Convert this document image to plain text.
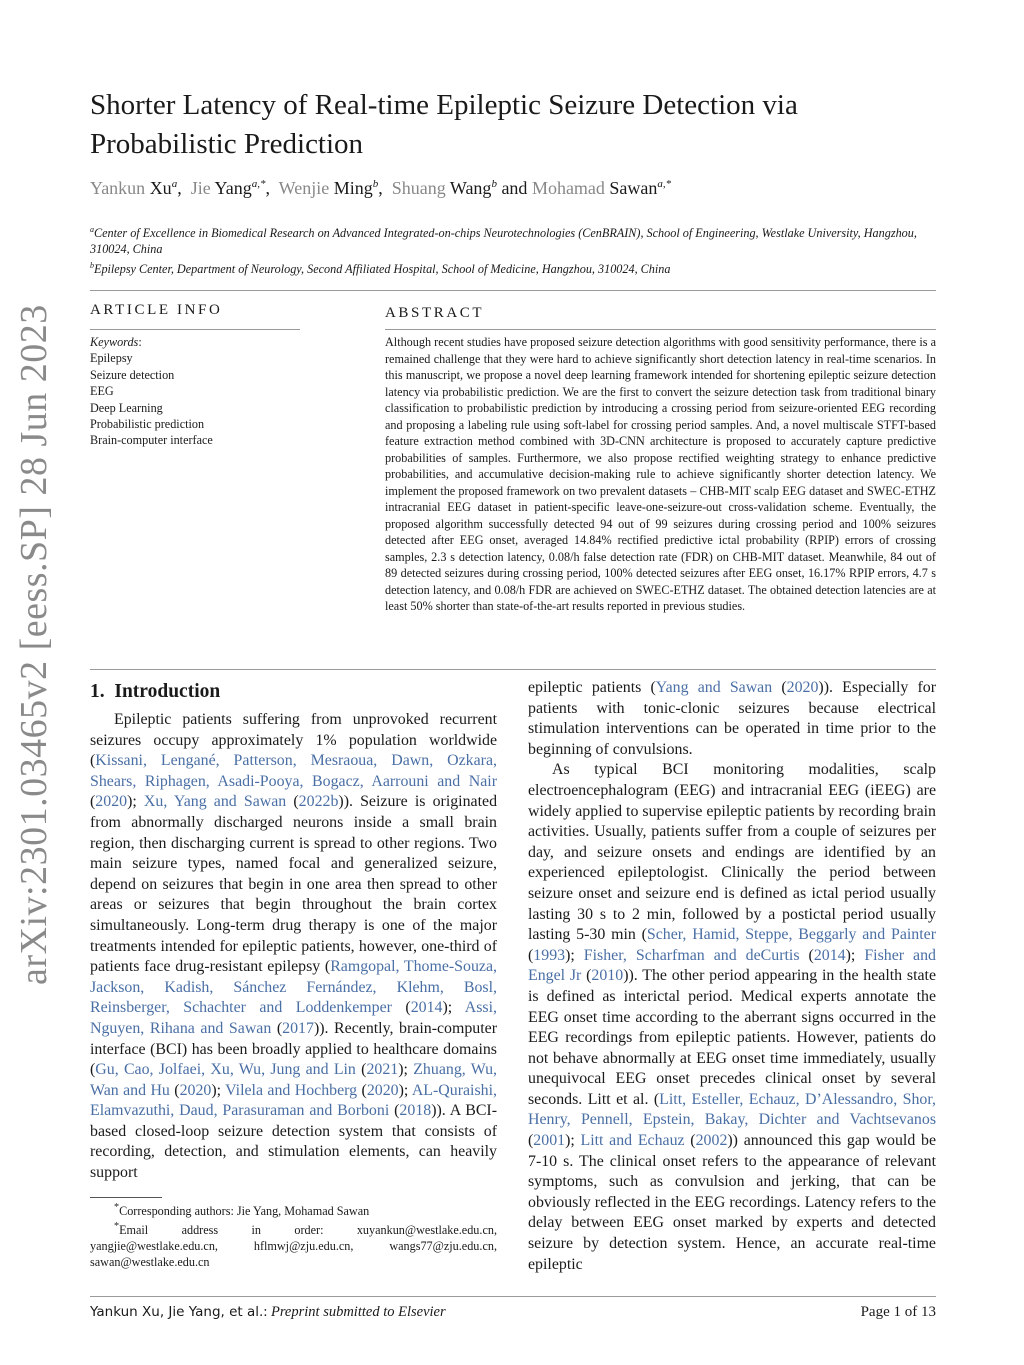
arXiv:2301.03465v2 [eess.SP] 28 Jun 2023
Shorter Latency of Real-time Epileptic Seizure Detection via Probabilistic Prediction
Yankun Xu$^a$,  Jie Yang$^{a,*}$,  Wenjie Ming$^b$,  Shuang Wang$^b$ and Mohamad Sawan$^{a,*}$
$^a$Center of Excellence in Biomedical Research on Advanced Integrated-on-chips Neurotechnologies (CenBRAIN), School of Engineering, Westlake University, Hangzhou, 310024, China
$^b$Epilepsy Center, Department of Neurology, Second Affiliated Hospital, School of Medicine, Hangzhou, 310024, China
ARTICLE INFO
Keywords:
Epilepsy
Seizure detection
EEG
Deep Learning
Probabilistic prediction
Brain-computer interface
ABSTRACT
Although recent studies have proposed seizure detection algorithms with good sensitivity performance, there is a remained challenge that they were hard to achieve significantly short detection latency in real-time scenarios. In this manuscript, we propose a novel deep learning framework intended for shortening epileptic seizure detection latency via probabilistic prediction. We are the first to convert the seizure detection task from traditional binary classification to probabilistic prediction by introducing a crossing period from seizure-oriented EEG recording and proposing a labeling rule using soft-label for crossing period samples. And, a novel multiscale STFT-based feature extraction method combined with 3D-CNN architecture is proposed to accurately capture predictive probabilities of samples. Furthermore, we also propose rectified weighting strategy to enhance predictive probabilities, and accumulative decision-making rule to achieve significantly shorter detection latency. We implement the proposed framework on two prevalent datasets – CHB-MIT scalp EEG dataset and SWEC-ETHZ intracranial EEG dataset in patient-specific leave-one-seizure-out cross-validation scheme. Eventually, the proposed algorithm successfully detected 94 out of 99 seizures during crossing period and 100% seizures detected after EEG onset, averaged 14.84% rectified predictive ictal probability (RPIP) errors of crossing samples, 2.3 s detection latency, 0.08/h false detection rate (FDR) on CHB-MIT dataset. Meanwhile, 84 out of 89 detected seizures during crossing period, 100% detected seizures after EEG onset, 16.17% RPIP errors, 4.7 s detection latency, and 0.08/h FDR are achieved on SWEC-ETHZ dataset. The obtained detection latencies are at least 50% shorter than state-of-the-art results reported in previous studies.
1. Introduction

Epileptic patients suffering from unprovoked recurrent seizures occupy approximately 1% population worldwide (Kissani, Lengané, Patterson, Mesraoua, Dawn, Ozkara, Shears, Riphagen, Asadi-Pooya, Bogacz, Aarrouni and Nair (2020); Xu, Yang and Sawan (2022b)). Seizure is originated from abnormally discharged neurons inside a small brain region, then discharging current is spread to other regions. Two main seizure types, named focal and generalized seizure, depend on seizures that begin in one area then spread to other areas or seizures that begin throughout the brain cortex simultaneously. Long-term drug therapy is one of the major treatments intended for epileptic patients, however, one-third of patients face drug-resistant epilepsy (Ramgopal, Thome-Souza, Jackson, Kadish, Sánchez Fernández, Klehm, Bosl, Reinsberger, Schachter and Loddenkemper (2014); Assi, Nguyen, Rihana and Sawan (2017)). Recently, brain-computer interface (BCI) has been broadly applied to healthcare domains (Gu, Cao, Jolfaei, Xu, Wu, Jung and Lin (2021); Zhuang, Wu, Wan and Hu (2020); Vilela and Hochberg (2020); AL-Quraishi, Elamvazuthi, Daud, Parasuraman and Borboni (2018)). A BCI-based closed-loop seizure detection system that consists of recording, detection, and stimulation elements, can heavily support

epileptic patients (Yang and Sawan (2020)). Especially for patients with tonic-clonic seizures because electrical stimulation interventions can be operated in time prior to the beginning of convulsions.

As typical BCI monitoring modalities, scalp electroencephalogram (EEG) and intracranial EEG (iEEG) are widely applied to supervise epileptic patients by recording brain activities. Usually, patients suffer from a couple of seizures per day, and seizure onsets and endings are identified by an experienced epileptologist. Clinically the period between seizure onset and seizure end is defined as ictal period usually lasting 30 s to 2 min, followed by a postictal period usually lasting 5-30 min (Scher, Hamid, Steppe, Beggarly and Painter (1993); Fisher, Scharfman and deCurtis (2014); Fisher and Engel Jr (2010)). The other period appearing in the health state is defined as interictal period. Medical experts annotate the EEG onset time according to the aberrant signs occurred in the EEG recordings from epileptic patients. However, patients do not behave abnormally at EEG onset time immediately, usually unequivocal EEG onset precedes clinical onset by several seconds. Litt et al. (Litt, Esteller, Echauz, D’Alessandro, Shor, Henry, Pennell, Epstein, Bakay, Dichter and Vachtsevanos (2001); Litt and Echauz (2002)) announced this gap would be 7-10 s. The clinical onset refers to the appearance of relevant symptoms, such as convulsion and jerking, that can be obviously reflected in the EEG recordings. Latency refers to the delay between EEG onset marked by experts and detected seizure by detection system. Hence, an accurate real-time epileptic

*Corresponding authors: Jie Yang, Mohamad Sawan

*Email address in order: xuyankun@westlake.edu.cn, yangjie@westlake.edu.cn, hflmwj@zju.edu.cn, wangs77@zju.edu.cn, sawan@westlake.edu.cn

Yankun Xu, Jie Yang, et al.: Preprint submitted to Elsevier	Page 1 of 13
